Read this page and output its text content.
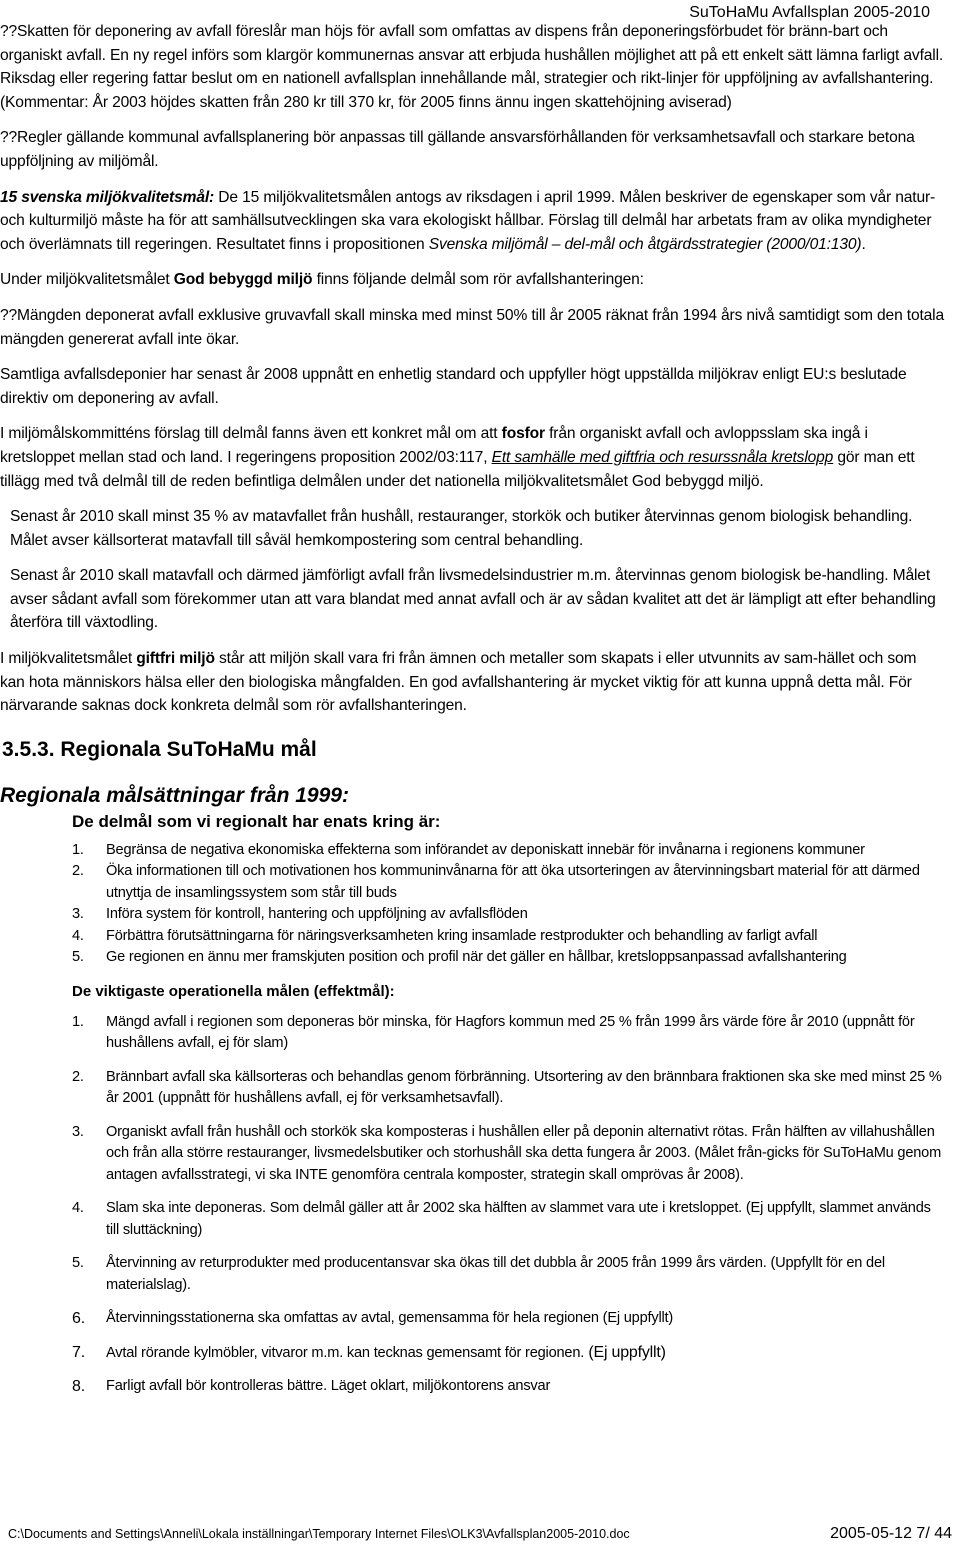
SuToHaMu Avfallsplan 2005-2010

??Skatten för deponering av avfall föreslår man höjs för avfall som omfattas av dispens från deponeringsförbudet för bränn-bart och organiskt avfall. En ny regel införs som klargör kommunernas ansvar att erbjuda hushållen möjlighet att på ett enkelt sätt lämna farligt avfall. Riksdag eller regering fattar beslut om en nationell avfallsplan innehållande mål, strategier och rikt-linjer för uppföljning av avfallshantering. (Kommentar: År 2003 höjdes skatten från 280 kr till 370 kr, för 2005 finns ännu ingen skattehöjning aviserad)

??Regler gällande kommunal avfallsplanering bör anpassas till gällande ansvarsförhållanden för verksamhetsavfall och starkare betona uppföljning av miljömål.

15 svenska miljökvalitetsmål: De 15 miljökvalitetsmålen antogs av riksdagen i april 1999. Målen beskriver de egenskaper som vår natur- och kulturmiljö måste ha för att samhällsutvecklingen ska vara ekologiskt hållbar. Förslag till delmål har arbetats fram av olika myndigheter och överlämnats till regeringen. Resultatet finns i propositionen Svenska miljömål – del-mål och åtgärdsstrategier (2000/01:130).

Under miljökvalitetsmålet God bebyggd miljö finns följande delmål som rör avfallshanteringen:

??Mängden deponerat avfall exklusive gruvavfall skall minska med minst 50% till år 2005 räknat från 1994 års nivå samtidigt som den totala mängden genererat avfall inte ökar.

Samtliga avfallsdeponier har senast år 2008 uppnått en enhetlig standard och uppfyller högt uppställda miljökrav enligt EU:s beslutade direktiv om deponering av avfall.

I miljömålskommitténs förslag till delmål fanns även ett konkret mål om att fosfor från organiskt avfall och avloppsslam ska ingå i kretsloppet mellan stad och land. I regeringens proposition 2002/03:117, Ett samhälle med giftfria och resurssnåla kretslopp gör man ett tillägg med två delmål till de reden befintliga delmålen under det nationella miljökvalitetsmålet God bebyggd miljö.

Senast år 2010 skall minst 35 % av matavfallet från hushåll, restauranger, storkök och butiker återvinnas genom biologisk behandling. Målet avser källsorterat matavfall till såväl hemkompostering som central behandling.

Senast år 2010 skall matavfall och därmed jämförligt avfall från livsmedelsindustrier m.m. återvinnas genom biologisk be-handling. Målet avser sådant avfall som förekommer utan att vara blandat med annat avfall och är av sådan kvalitet att det är lämpligt att efter behandling återföra till växtodling.

I miljökvalitetsmålet giftfri miljö står att miljön skall vara fri från ämnen och metaller som skapats i eller utvunnits av sam-hället och som kan hota människors hälsa eller den biologiska mångfalden. En god avfallshantering är mycket viktig för att kunna uppnå detta mål. För närvarande saknas dock konkreta delmål som rör avfallshanteringen.

3.5.3. Regionala SuToHaMu mål
Regionala målsättningar från 1999:
De delmål som vi regionalt har enats kring är:
1. Begränsa de negativa ekonomiska effekterna som införandet av deponiskatt innebär för invånarna i regionens kommuner
2. Öka informationen till och motivationen hos kommuninvånarna för att öka utsorteringen av återvinningsbart material för att därmed utnyttja de insamlingssystem som står till buds
3. Införa system för kontroll, hantering och uppföljning av avfallsflöden
4. Förbättra förutsättningarna för näringsverksamheten kring insamlade restprodukter och behandling av farligt avfall
5. Ge regionen en ännu mer framskjuten position och profil när det gäller en hållbar, kretsloppsanpassad avfallshantering
De viktigaste operationella målen (effektmål):
1. Mängd avfall i regionen som deponeras bör minska, för Hagfors kommun med 25 % från 1999 års värde före år 2010 (uppnått för hushållens avfall, ej för slam)
2. Brännbart avfall ska källsorteras och behandlas genom förbränning. Utsortering av den brännbara fraktionen ska ske med minst 25 % år 2001 (uppnått för hushållens avfall, ej för verksamhetsavfall).
3. Organiskt avfall från hushåll och storkök ska komposteras i hushållen eller på deponin alternativt rötas. Från hälften av villahushållen och från alla större restauranger, livsmedelsbutiker och storhushåll ska detta fungera år 2003. (Målet från-gicks för SuToHaMu genom antagen avfallsstrategi, vi ska INTE genomföra centrala komposter, strategin skall omprövas år 2008).
4. Slam ska inte deponeras. Som delmål gäller att år 2002 ska hälften av slammet vara ute i kretsloppet. (Ej uppfyllt, slammet används till sluttäckning)
5. Återvinning av returprodukter med producentansvar ska ökas till det dubbla år 2005 från 1999 års värden. (Uppfyllt för en del materialslag).
6. Återvinningsstationerna ska omfattas av avtal, gemensamma för hela regionen (Ej uppfyllt)
7. Avtal rörande kylmöbler, vitvaror m.m. kan tecknas gemensamt för regionen. (Ej uppfyllt)
8. Farligt avfall bör kontrolleras bättre. Läget oklart, miljökontorens ansvar
C:\Documents and Settings\Anneli\Lokala inställningar\Temporary Internet Files\OLK3\Avfallsplan2005-2010.doc	2005-05-12 7/ 44
